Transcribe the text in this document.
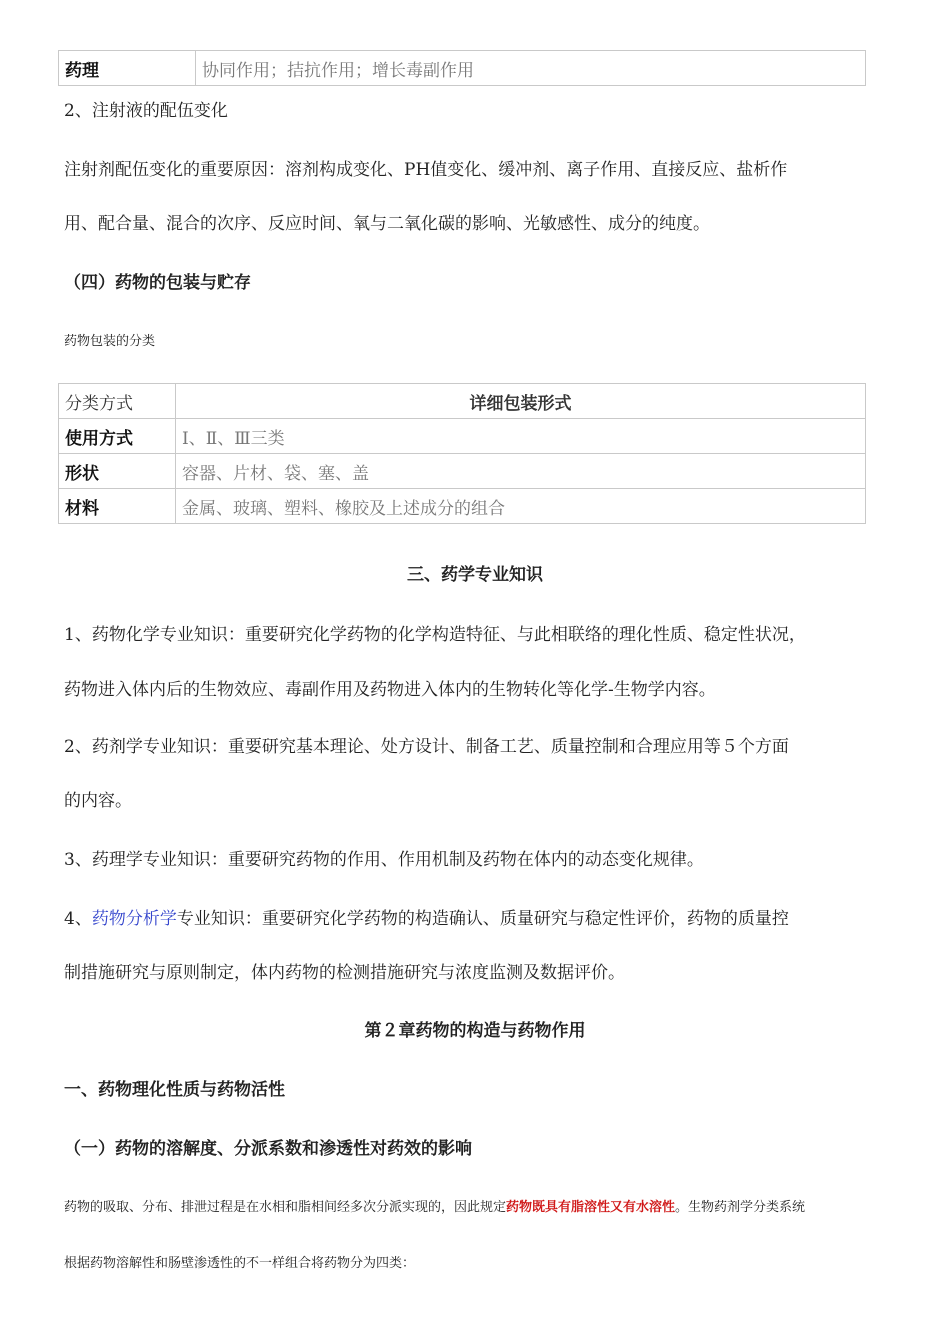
药理	协同作用；拮抗作用；增长毒副作用
2、注射液的配伍变化
注射剂配伍变化的重要原因：溶剂构成变化、PH值变化、缓冲剂、离子作用、直接反应、盐析作
用、配合量、混合的次序、反应时间、氧与二氧化碳的影响、光敏感性、成分的纯度。
（四）药物的包装与贮存
药物包装的分类
分类方式	详细包装形式
使用方式	Ⅰ、Ⅱ、Ⅲ三类
形状	容器、片材、袋、塞、盖
材料	金属、玻璃、塑料、橡胶及上述成分的组合
三、药学专业知识
1、药物化学专业知识：重要研究化学药物的化学构造特征、与此相联络的理化性质、稳定性状况，
药物进入体内后的生物效应、毒副作用及药物进入体内的生物转化等化学-生物学内容。
2、药剂学专业知识：重要研究基本理论、处方设计、制备工艺、质量控制和合理应用等５个方面
的内容。
3、药理学专业知识：重要研究药物的作用、作用机制及药物在体内的动态变化规律。
4、药物分析学专业知识：重要研究化学药物的构造确认、质量研究与稳定性评价，药物的质量控
制措施研究与原则制定，体内药物的检测措施研究与浓度监测及数据评价。
第２章药物的构造与药物作用
一、药物理化性质与药物活性
（一）药物的溶解度、分派系数和渗透性对药效的影响
药物的吸取、分布、排泄过程是在水相和脂相间经多次分派实现的，因此规定药物既具有脂溶性又有水溶性。生物药剂学分类系统
根据药物溶解性和肠壁渗透性的不一样组合将药物分为四类：
